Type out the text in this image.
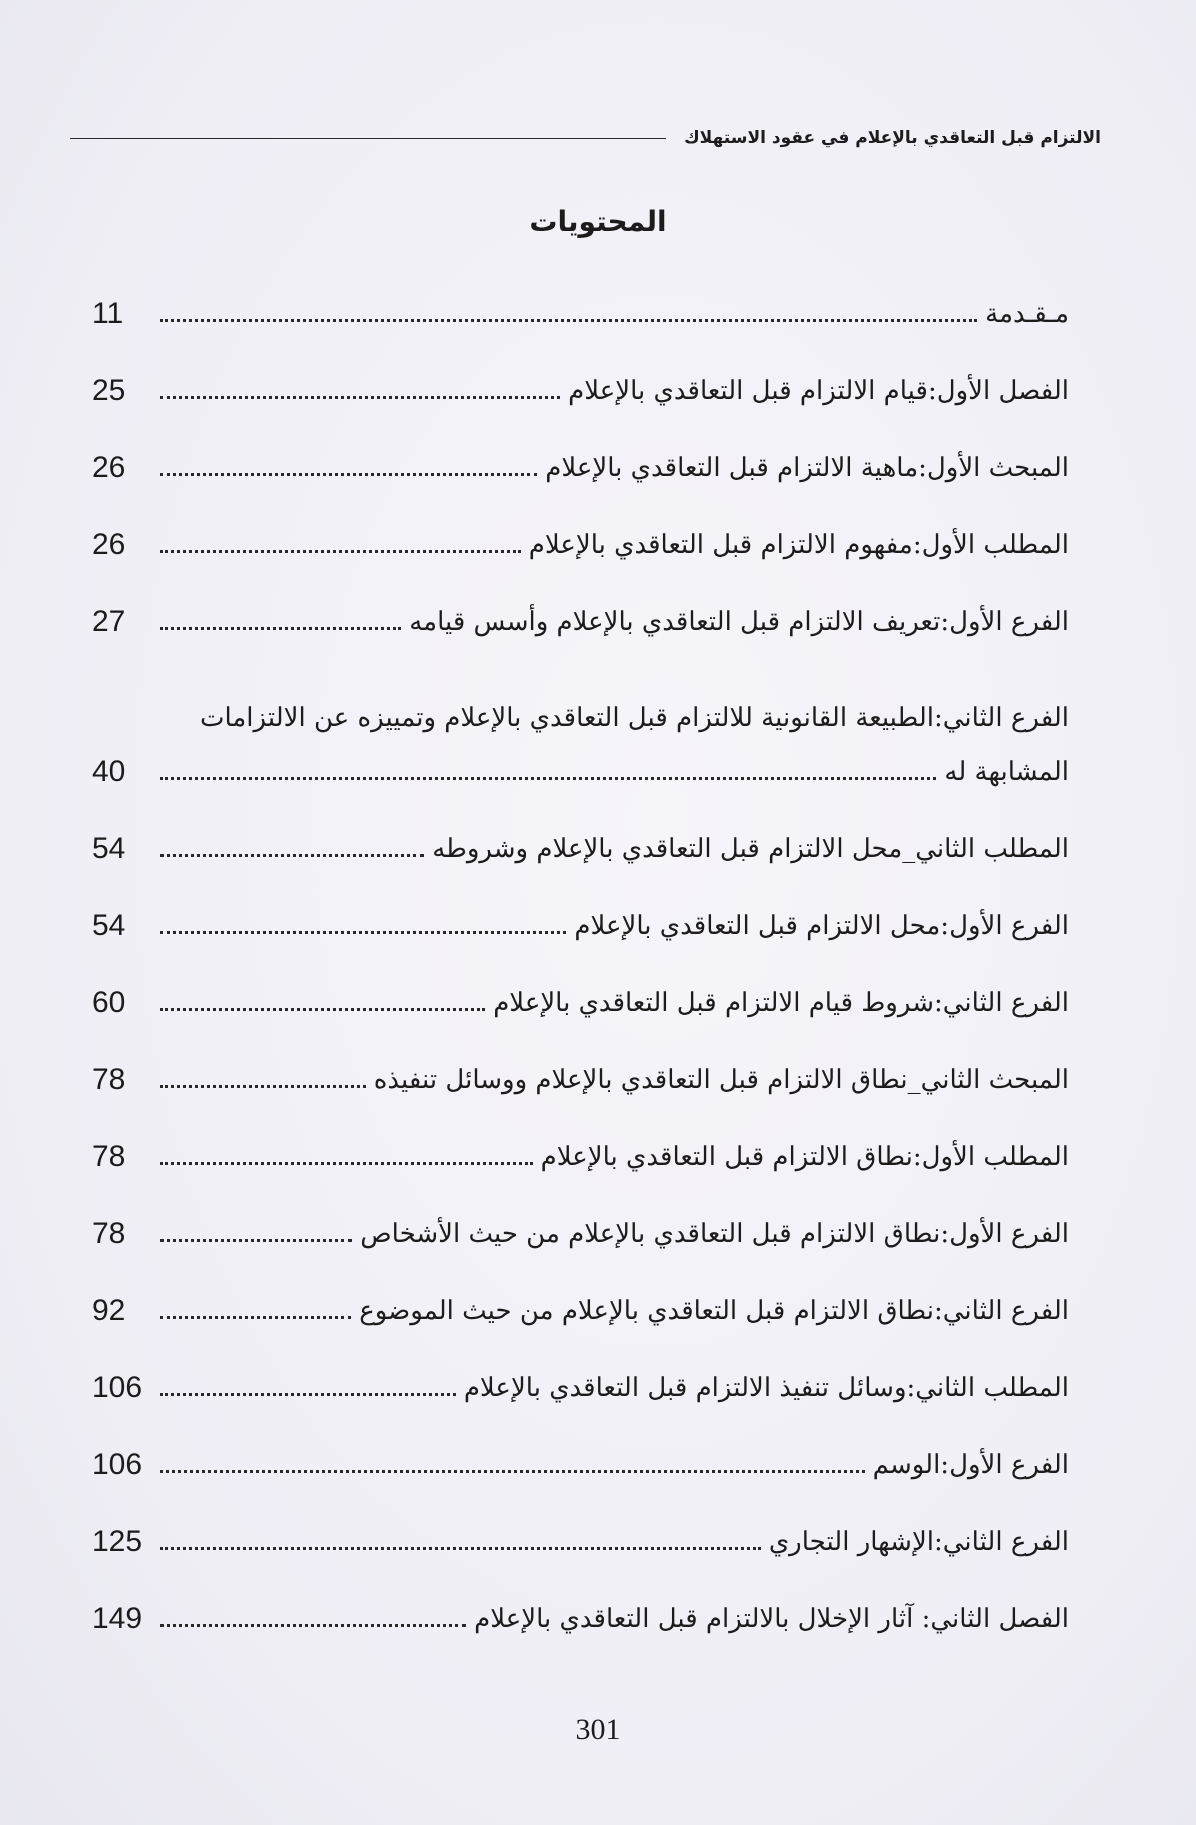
الالتزام قبل التعاقدي بالإعلام في عقود الاستهلاك
المحتويات
مـقـدمة
11
الفصل الأول:قيام الالتزام قبل التعاقدي بالإعلام
25
المبحث الأول:ماهية الالتزام قبل التعاقدي بالإعلام
26
المطلب الأول:مفهوم الالتزام قبل التعاقدي بالإعلام
26
الفرع الأول:تعريف الالتزام قبل التعاقدي بالإعلام وأسس قيامه
27
الفرع الثاني:الطبيعة القانونية للالتزام قبل التعاقدي بالإعلام وتمييزه عن الالتزامات
المشابهة له
40
المطلب الثاني_محل الالتزام قبل التعاقدي بالإعلام وشروطه
54
الفرع الأول:محل الالتزام قبل التعاقدي بالإعلام
54
الفرع الثاني:شروط قيام الالتزام قبل التعاقدي بالإعلام
60
المبحث الثاني_نطاق الالتزام قبل التعاقدي بالإعلام ووسائل تنفيذه
78
المطلب الأول:نطاق الالتزام قبل التعاقدي بالإعلام
78
الفرع الأول:نطاق الالتزام قبل التعاقدي بالإعلام من حيث الأشخاص
78
الفرع الثاني:نطاق الالتزام قبل التعاقدي بالإعلام من حيث الموضوع
92
المطلب الثاني:وسائل تنفيذ الالتزام قبل التعاقدي بالإعلام
106
الفرع الأول:الوسم
106
الفرع الثاني:الإشهار التجاري
125
الفصل الثاني: آثار الإخلال بالالتزام قبل التعاقدي بالإعلام
149
301
